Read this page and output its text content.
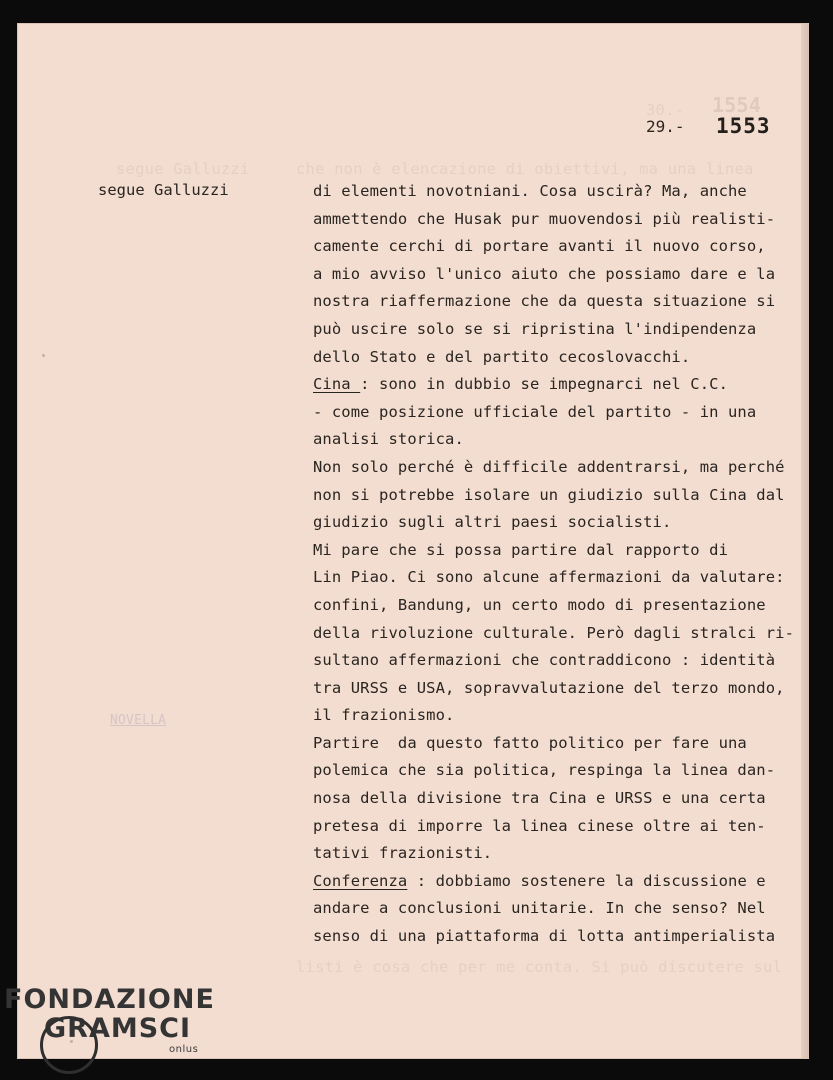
1554
30.-
segue Galluzzi	che non è elencazione di obiettivi, ma una linea
NOVELLA
listi è cosa che per me conta. Si può discutere sul
29.- 1553
segue Galluzzi	di elementi novotniani. Cosa uscirà? Ma, anche
ammettendo che Husak pur muovendosi più realisti-
camente cerchi di portare avanti il nuovo corso,
a mio avviso l'unico aiuto che possiamo dare e la
nostra riaffermazione che da questa situazione si
può uscire solo se si ripristina l'indipendenza
dello Stato e del partito cecoslovacchi.
Cina : sono in dubbio se impegnarci nel C.C.
- come posizione ufficiale del partito - in una
analisi storica.
Non solo perché è difficile addentrarsi, ma perché
non si potrebbe isolare un giudizio sulla Cina dal
giudizio sugli altri paesi socialisti.
Mi pare che si possa partire dal rapporto di
Lin Piao. Ci sono alcune affermazioni da valutare:
confini, Bandung, un certo modo di presentazione
della rivoluzione culturale. Però dagli stralci ri-
sultano affermazioni che contraddicono : identità
tra URSS e USA, sopravvalutazione del terzo mondo,
il frazionismo.
Partire  da questo fatto politico per fare una
polemica che sia politica, respinga la linea dan-
nosa della divisione tra Cina e URSS e una certa
pretesa di imporre la linea cinese oltre ai ten-
tativi frazionisti.
Conferenza : dobbiamo sostenere la discussione e
andare a conclusioni unitarie. In che senso? Nel
senso di una piattaforma di lotta antimperialista
FONDAZIONE
GRAMSCI
onlus
